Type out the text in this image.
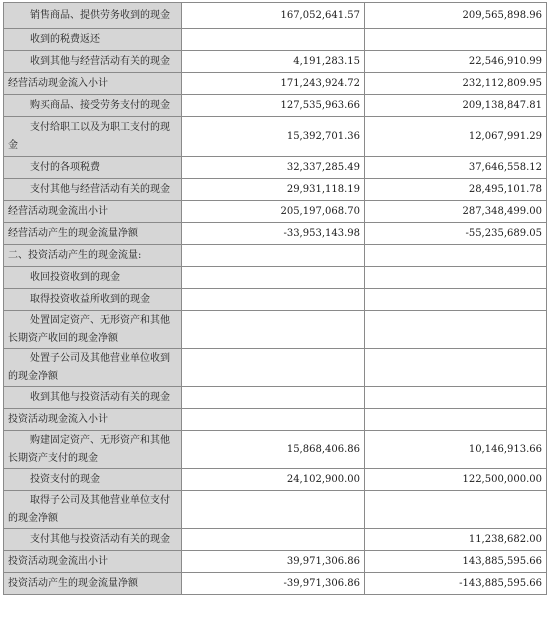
销售商品、提供劳务收到的现金	167,052,641.57	209,565,898.96
收到的税费返还		
收到其他与经营活动有关的现金	4,191,283.15	22,546,910.99
经营活动现金流入小计	171,243,924.72	232,112,809.95
购买商品、接受劳务支付的现金	127,535,963.66	209,138,847.81

支付给职工以及为职工支付的现金	15,392,701.36	12,067,991.29
支付的各项税费	32,337,285.49	37,646,558.12
支付其他与经营活动有关的现金	29,931,118.19	28,495,101.78
经营活动现金流出小计	205,197,068.70	287,348,499.00
经营活动产生的现金流量净额	-33,953,143.98	-55,235,689.05
二、投资活动产生的现金流量:		
收回投资收到的现金		
取得投资收益所收到的现金		

处置固定资产、无形资产和其他长期资产收回的现金净额		

处置子公司及其他营业单位收到的现金净额		

收到其他与投资活动有关的现金		
投资活动现金流入小计		

购建固定资产、无形资产和其他长期资产支付的现金	15,868,406.86	10,146,913.66
投资支付的现金	24,102,900.00	122,500,000.00

取得子公司及其他营业单位支付的现金净额		

支付其他与投资活动有关的现金		11,238,682.00
投资活动现金流出小计	39,971,306.86	143,885,595.66
投资活动产生的现金流量净额	-39,971,306.86	-143,885,595.66
